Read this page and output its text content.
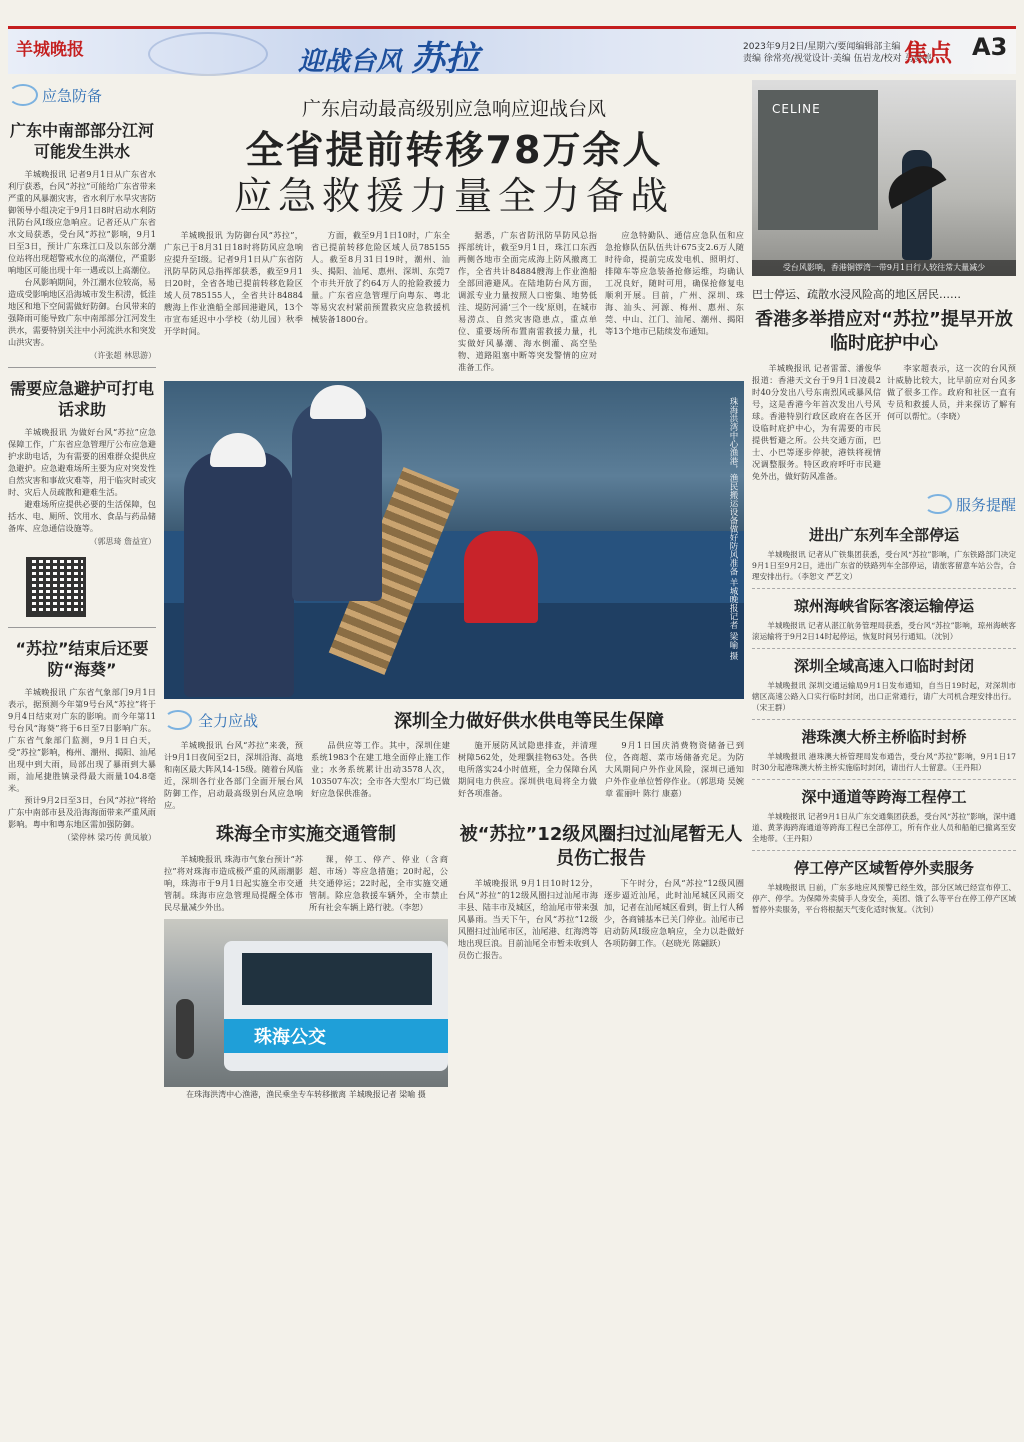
羊城晚报	迎战台风 苏拉	2023年9月2日/星期六/要闻编辑部主编
责编 徐常亮/视觉设计·美编 伍岩龙/校对 马曼婷
焦点 A3
应急防备
广东中南部部分江河可能发生洪水
羊城晚报讯 记者9月1日从广东省水利厅获悉，台风“苏拉”可能给广东省带来严重的风暴潮灾害，省水利厅水旱灾害防御领导小组决定于9月1日8时启动水利防汛防台风Ⅰ级应急响应。记者还从广东省水文局获悉，受台风“苏拉”影响，9月1日至3日，预计广东珠江口及以东部分潮位站将出现超警戒水位的高潮位，严重影响地区可能出现十年一遇或以上高潮位。
台风影响期间，外江潮水位较高，易造成受影响地区沿海城市发生积涝，低洼地区和地下空间需做好防御。台风带来的强降雨可能导致广东中南部部分江河发生洪水，需要特别关注中小河流洪水和突发山洪灾害。
（许张超 林思游）
需要应急避护可打电话求助
羊城晚报讯 为做好台风“苏拉”应急保障工作，广东省应急管理厅公布应急避护求助电话，为有需要的困难群众提供应急避护。应急避难场所主要为应对突发性自然灾害和事故灾难等，用于临灾时或灾时、灾后人员疏散和避难生活。
避难场所应提供必要的生活保障，包括水、电、厕所、饮用水、食品与药品储备库、应急通信设施等。
（郭思琦 詹益宣）
“苏拉”结束后还要防“海葵”
羊城晚报讯 广东省气象部门9月1日表示，据预测今年第9号台风“苏拉”将于9月4日结束对广东的影响。而今年第11号台风“海葵”将于6日至7日影响广东。广东省气象部门监测，9月1日白天，受“苏拉”影响，梅州、潮州、揭阳、汕尾出现中到大雨，局部出现了暴雨到大暴雨，汕尾捷胜镇录得最大雨量104.8毫米。
预计9月2日至3日，台风“苏拉”将给广东中南部市县及沿海海面带来严重风雨影响。粤中和粤东地区需加强防御。
（梁停林 梁巧传 黄凤敏）
广东启动最高级别应急响应迎战台风
全省提前转移78万余人
应急救援力量全力备战
羊城晚报讯 为防御台风“苏拉”，广东已于8月31日18时将防风应急响应提升至Ⅰ级。记者9月1日从广东省防汛防旱防风总指挥部获悉，截至9月1日20时，全省各地已提前转移危险区域人员785155人，全省共计84884艘海上作业渔船全部回港避风，13个市宣布延迟中小学校（幼儿园）秋季开学时间。
方面，截至9月1日10时，广东全省已提前转移危险区域人员785155人。截至8月31日19时，潮州、汕头、揭阳、汕尾、惠州、深圳、东莞7个市共开放了约64万人的抢险救援力量。广东省应急管理厅向粤东、粤北等易灾农村紧前预置救灾应急救援机械装备1800台。
据悉，广东省防汛防旱防风总指挥部统计，截至9月1日，珠江口东西两侧各地市全面完成海上防风撤离工作，全省共计84884艘海上作业渔船全部回港避风。在陆地防台风方面，调派专业力量按照人口密集、地势低洼、堤防河涌‘三个一线’原则，在城市易涝点、自然灾害隐患点，重点单位、重要场所布置南雷救援力量，扎实做好风暴潮、海水倒灌、高空坠物、道路阻塞中断等突发警情的应对准备工作。
应急特勤队、通信应急队伍和应急抢修队伍队伍共计675支2.6万人随时待命，提前完成发电机、照明灯、排障车等应急装备抢修运维，均确认工况良好，随时可用，确保抢修复电顺利开展。目前，广州、深圳、珠海、汕头、河源、梅州、惠州、东莞、中山、江门、汕尾、潮州、揭阳等13个地市已陆续发布通知。
珠海洪湾中心渔港，渔民搬运设备做好防风准备 羊城晚报记者 梁喻 摄
全力应战	深圳全力做好供水供电等民生保障
羊城晚报讯 台风“苏拉”来袭，预计9月1日夜间至2日，深圳沿海、高地和南区最大阵风14-15级。随着台风临近，深圳各行业各部门全面开展台风防御工作，启动最高级别台风应急响应。
品供应等工作。其中，深圳住建系统1983个在建工地全面停止施工作业；水务系统累计出动3578人次，103507车次；全市各大型水厂均已做好应急保供准备。
施开展防风试隐患排查，并清理树障562处，处理飘挂物63处。各供电所落实24小时值班，全力保障台风期间电力供应。深圳供电局将全力做好各项准备。
9月1日国庆消费物资储备已到位，各商超、菜市场储备充足。为防大风期间户外作业风险，深圳已通知户外作业单位暂停作业。（郭思琦 吴婉章 霍丽叶 陈行 康嘉）
珠海全市实施交通管制
羊城晚报讯 珠海市气象台预计“苏拉”将对珠海市造成极严重的风雨潮影响，珠海市于9月1日起实施全市交通管制。珠海市应急管理局提醒全体市民尽量减少外出。
课，停工、停产、停业（含商超、市场）等应急措施；20时起，公共交通停运；22时起，全市实施交通管制。除应急救援车辆外，全市禁止所有社会车辆上路行驶。（李恕）
珠海公交
在珠海洪湾中心渔港，渔民乘坐专车转移撤离 羊城晚报记者 梁喻 摄
被“苏拉”12级风圈扫过汕尾暂无人员伤亡报告
羊城晚报讯 9月1日10时12分，台风“苏拉”的12级风圈扫过汕尾市海丰县、陆丰市及城区，给汕尾市带来强风暴雨。当天下午，台风“苏拉”12级风圈扫过汕尾市区，汕尾港、红海湾等地出现巨浪。目前汕尾全市暂未收到人员伤亡报告。
下午时分，台风“苏拉”12级风圈逐步逼近汕尾，此时汕尾城区风雨交加，记者在汕尾城区看到，街上行人稀少，各商铺基本已关门停业。汕尾市已启动防风Ⅰ级应急响应，全力以赴做好各项防御工作。（赵晓光 陈翩跃）
CELINE
受台风影响，香港铜锣湾一带9月1日行人较往常大量减少
巴士停运、疏散水浸风险高的地区居民……
香港多举措应对“苏拉”提早开放临时庇护中心
羊城晚报讯 记者雷蕾、潘俊华报道：香港天文台于9月1日凌晨2时40分发出八号东南烈风或暴风信号，这是香港今年首次发出八号风球。香港特别行政区政府在各区开设临时庇护中心，为有需要的市民提供暂避之所。公共交通方面，巴士、小巴等逐步停驶，港铁将视情况调整服务。特区政府呼吁市民避免外出，做好防风准备。
李家超表示，这一次的台风预计威胁比较大，比早前应对台风多做了很多工作。政府和社区一直有专员和救援人员，并来探访了解有何可以帮忙。（李晓）
服务提醒
进出广东列车全部停运
羊城晚报讯 记者从广铁集团获悉，受台风“苏拉”影响，广东铁路部门决定9月1日至9月2日，进出广东省的铁路列车全部停运，请旅客留意车站公告，合理安排出行。（李恕文 严艺文）
琼州海峡省际客滚运输停运
羊城晚报讯 记者从湛江航务管理局获悉，受台风“苏拉”影响，琼州海峡客滚运输将于9月2日14时起停运，恢复时间另行通知。（沈钊）
深圳全域高速入口临时封闭
羊城晚报讯 深圳交通运输局9月1日发布通知，自当日19时起，对深圳市辖区高速公路入口实行临时封闭，出口正常通行，请广大司机合理安排出行。（宋王群）
港珠澳大桥主桥临时封桥
羊城晚报讯 港珠澳大桥管理局发布通告，受台风“苏拉”影响，9月1日17时30分起港珠澳大桥主桥实施临时封闭，请出行人士留意。（王丹阳）
深中通道等跨海工程停工
羊城晚报讯 记者9月1日从广东交通集团获悉，受台风“苏拉”影响，深中通道、黄茅海跨海通道等跨海工程已全部停工，所有作业人员和船舶已撤离至安全地带。（王丹阳）
停工停产区域暂停外卖服务
羊城晚报讯 日前，广东多地应风预警已经生效，部分区域已经宣布停工、停产、停学。为保障外卖骑手人身安全，美团、饿了么等平台在停工停产区域暂停外卖服务，平台将根据天气变化适时恢复。（沈钊）
